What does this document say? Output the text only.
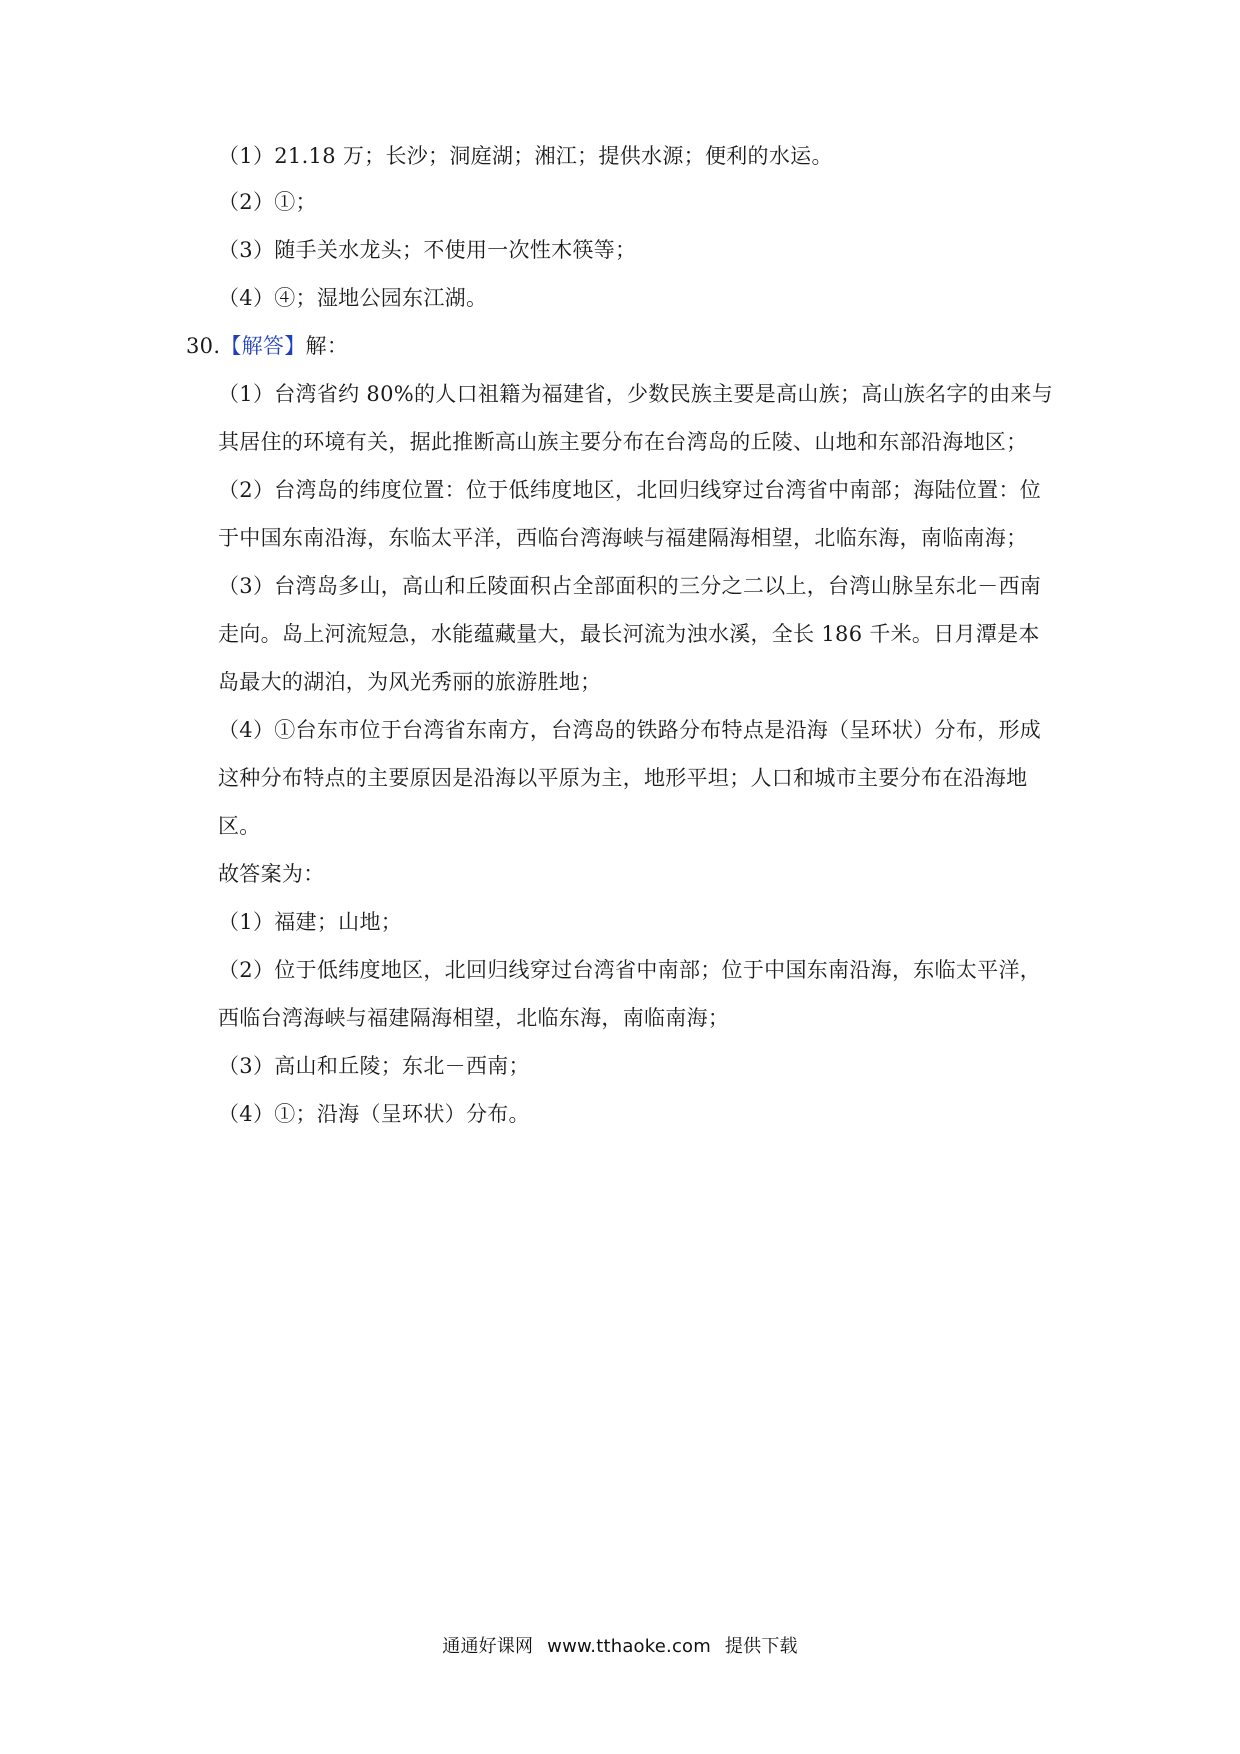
（1）21.18 万；长沙；洞庭湖；湘江；提供水源；便利的水运。
（2）①；
（3）随手关水龙头；不使用一次性木筷等；
（4）④；湿地公园东江湖。
30.【解答】解：
（1）台湾省约 80%的人口祖籍为福建省，少数民族主要是高山族；高山族名字的由来与
其居住的环境有关，据此推断高山族主要分布在台湾岛的丘陵、山地和东部沿海地区；
（2）台湾岛的纬度位置：位于低纬度地区，北回归线穿过台湾省中南部；海陆位置：位
于中国东南沿海，东临太平洋，西临台湾海峡与福建隔海相望，北临东海，南临南海；
（3）台湾岛多山，高山和丘陵面积占全部面积的三分之二以上，台湾山脉呈东北－西南
走向。岛上河流短急，水能蕴藏量大，最长河流为浊水溪，全长 186 千米。日月潭是本
岛最大的湖泊，为风光秀丽的旅游胜地；
（4）①台东市位于台湾省东南方，台湾岛的铁路分布特点是沿海（呈环状）分布，形成
这种分布特点的主要原因是沿海以平原为主，地形平坦；人口和城市主要分布在沿海地
区。
故答案为：
（1）福建；山地；
（2）位于低纬度地区，北回归线穿过台湾省中南部；位于中国东南沿海，东临太平洋，
西临台湾海峡与福建隔海相望，北临东海，南临南海；
（3）高山和丘陵；东北－西南；
（4）①；沿海（呈环状）分布。
通通好课网 www.tthaoke.com 提供下载
